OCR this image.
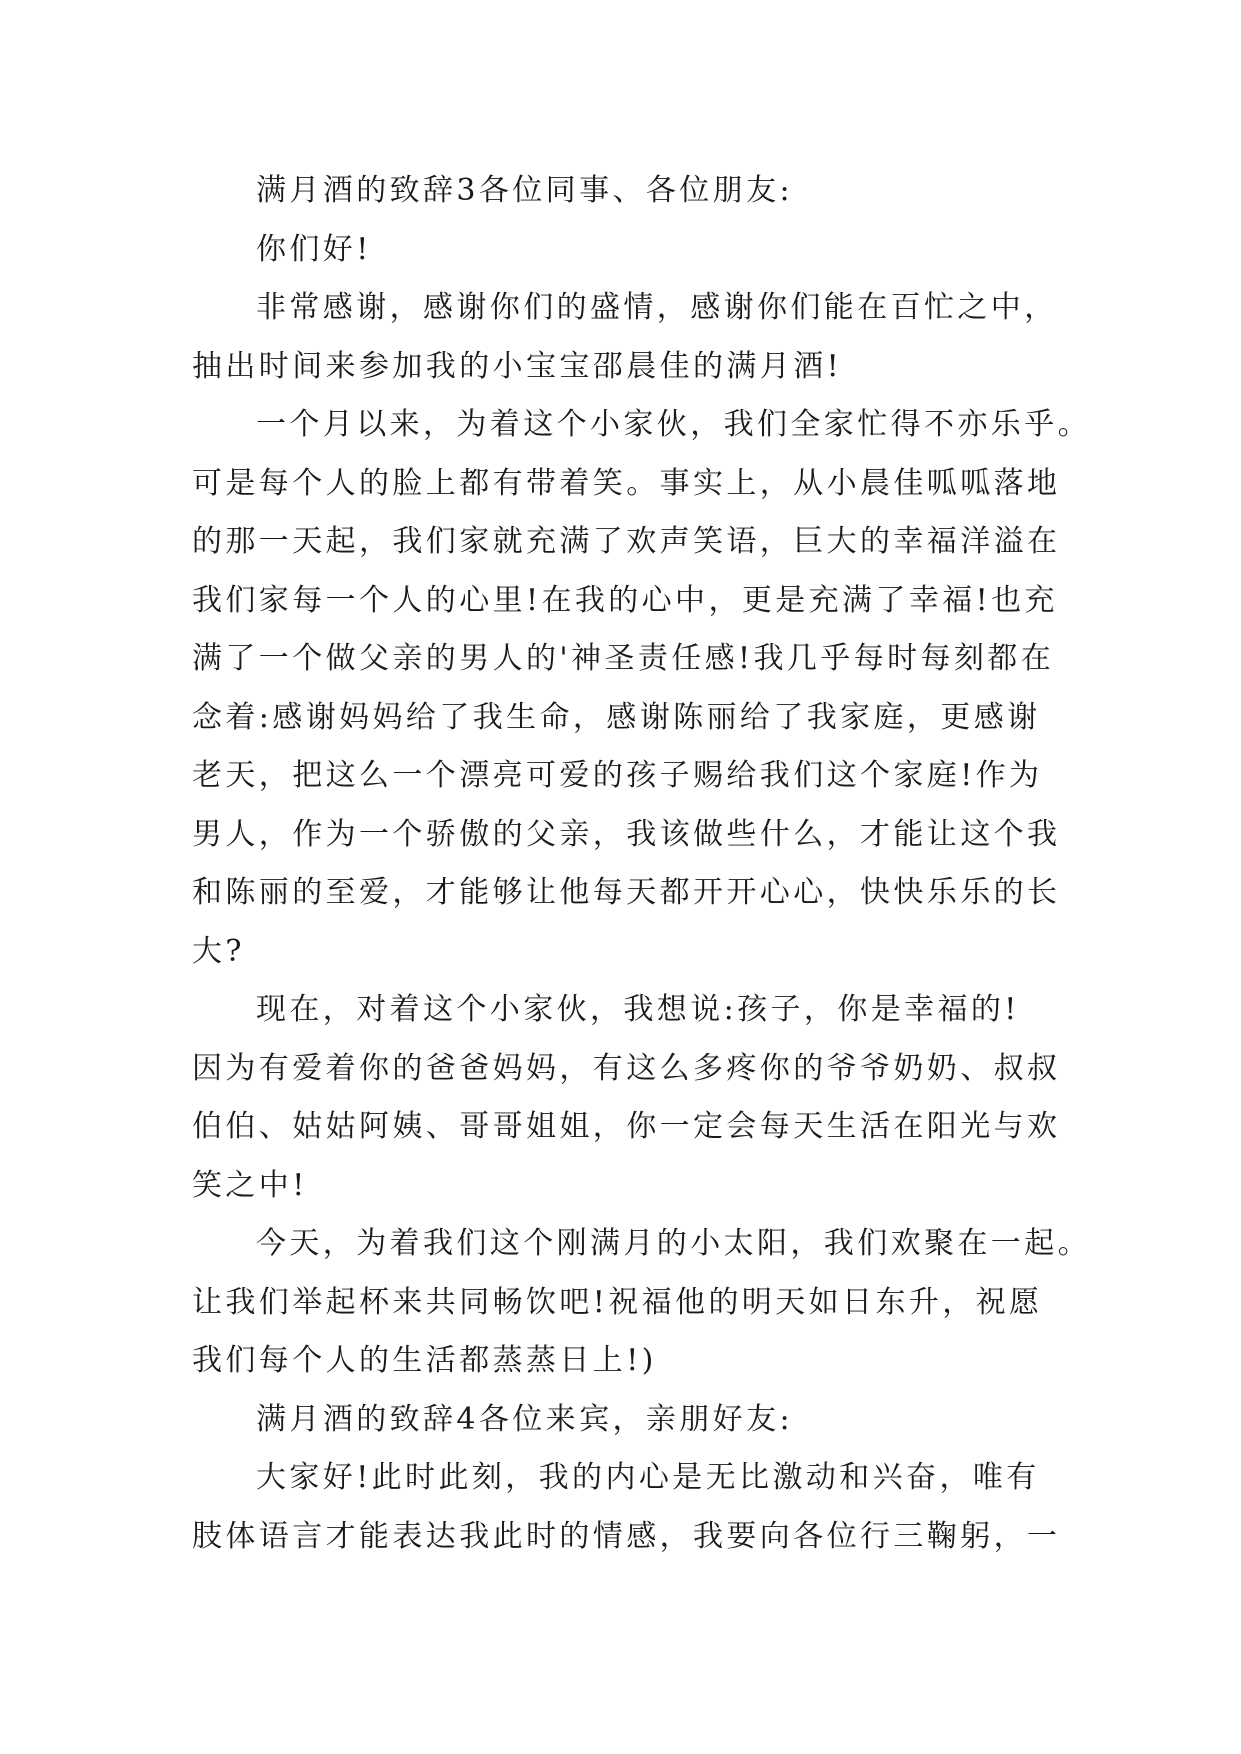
满月酒的致辞3各位同事、各位朋友:
你们好!
非常感谢，感谢你们的盛情，感谢你们能在百忙之中，
抽出时间来参加我的小宝宝邵晨佳的满月酒!
一个月以来，为着这个小家伙，我们全家忙得不亦乐乎。
可是每个人的脸上都有带着笑。事实上，从小晨佳呱呱落地
的那一天起，我们家就充满了欢声笑语，巨大的幸福洋溢在
我们家每一个人的心里!在我的心中，更是充满了幸福!也充
满了一个做父亲的男人的'神圣责任感!我几乎每时每刻都在
念着:感谢妈妈给了我生命，感谢陈丽给了我家庭，更感谢
老天，把这么一个漂亮可爱的孩子赐给我们这个家庭!作为
男人，作为一个骄傲的父亲，我该做些什么，才能让这个我
和陈丽的至爱，才能够让他每天都开开心心，快快乐乐的长
大?
现在，对着这个小家伙，我想说:孩子，你是幸福的!
因为有爱着你的爸爸妈妈，有这么多疼你的爷爷奶奶、叔叔
伯伯、姑姑阿姨、哥哥姐姐，你一定会每天生活在阳光与欢
笑之中!
今天，为着我们这个刚满月的小太阳，我们欢聚在一起。
让我们举起杯来共同畅饮吧!祝福他的明天如日东升，祝愿
我们每个人的生活都蒸蒸日上!)
满月酒的致辞4各位来宾，亲朋好友:
大家好!此时此刻，我的内心是无比激动和兴奋，唯有
肢体语言才能表达我此时的情感，我要向各位行三鞠躬，一
